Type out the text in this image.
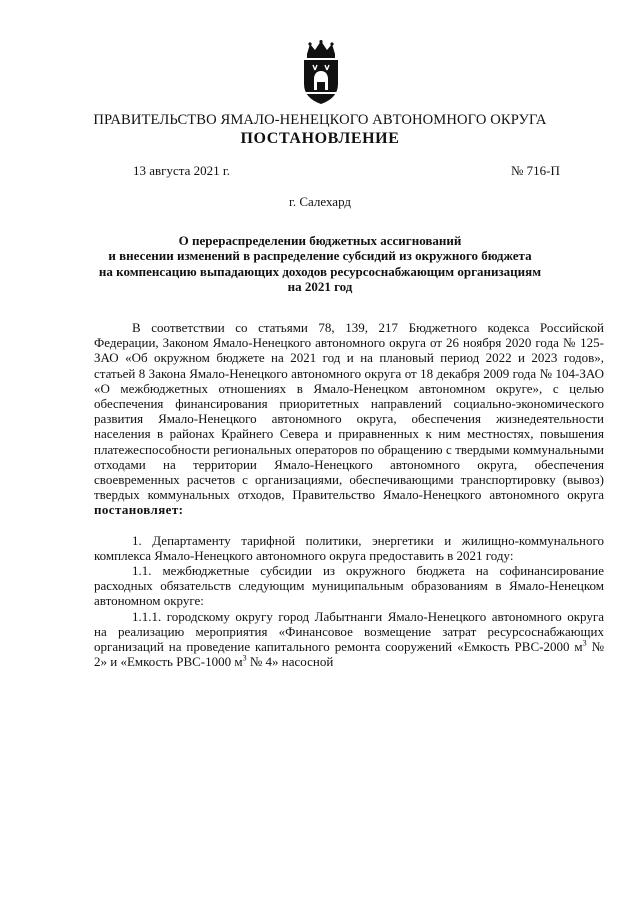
ПРАВИТЕЛЬСТВО ЯМАЛО-НЕНЕЦКОГО АВТОНОМНОГО ОКРУГА
ПОСТАНОВЛЕНИЕ
13 августа 2021 г.	№ 716-П
г. Салехард
О перераспределении бюджетных ассигнований
и внесении изменений в распределение субсидий из окружного бюджета
на компенсацию выпадающих доходов ресурсоснабжающим организациям
на 2021 год

В соответствии со статьями 78, 139, 217 Бюджетного кодекса Российской Федерации, Законом Ямало-Ненецкого автономного округа от 26 ноября 2020 года № 125-ЗАО «Об окружном бюджете на 2021 год и на плановый период 2022 и 2023 годов», статьей 8 Закона Ямало-Ненецкого автономного округа от 18 декабря 2009 года № 104-ЗАО «О межбюджетных отношениях в Ямало-Ненецком автономном округе», с целью обеспечения финансирования приоритетных направлений социально-экономического развития Ямало-Ненецкого автономного округа, обеспечения жизнедеятельности населения в районах Крайнего Севера и приравненных к ним местностях, повышения платежеспособности региональных операторов по обращению с твердыми коммунальными отходами на территории Ямало-Ненецкого автономного округа, обеспечения своевременных расчетов с организациями, обеспечивающими транспортировку (вывоз) твердых коммунальных отходов, Правительство Ямало-Ненецкого автономного округа постановляет:

1. Департаменту тарифной политики, энергетики и жилищно-коммунального комплекса Ямало-Ненецкого автономного округа предоставить в 2021 году:

1.1. межбюджетные субсидии из окружного бюджета на софинансирование расходных обязательств следующим муниципальным образованиям в Ямало-Ненецком автономном округе:

1.1.1. городскому округу город Лабытнанги Ямало-Ненецкого автономного округа на реализацию мероприятия «Финансовое возмещение затрат ресурсоснабжающих организаций на проведение капитального ремонта сооружений «Емкость РВС-2000 $м^3$ № 2» и «Емкость РВС-1000 $м^3$ № 4» насосной
